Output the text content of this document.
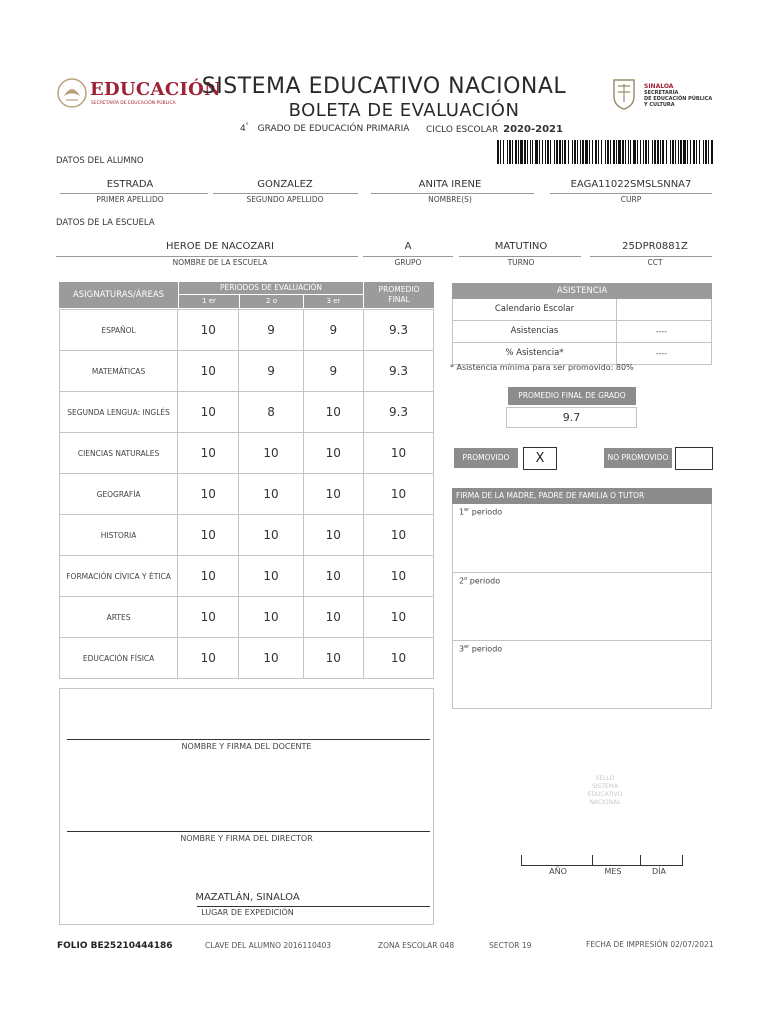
EDUCACIÓN
SECRETARÍA DE EDUCACIÓN PÚBLICA
SISTEMA EDUCATIVO NACIONAL
BOLETA DE EVALUACIÓN
4° GRADO DE EDUCACIÓN PRIMARIA CICLO ESCOLAR 2020-2021
SINALOA
SECRETARÍA
DE EDUCACIÓN PÚBLICA
Y CULTURA
DATOS DEL ALUMNO
ESTRADA	GONZALEZ	ANITA IRENE	EAGA11022SMSLSNNA7
PRIMER APELLIDO	SEGUNDO APELLIDO	NOMBRE(S)	CURP
DATOS DE LA ESCUELA
HEROE DE NACOZARI	A	MATUTINO	25DPR0881Z
NOMBRE DE LA ESCUELA	GRUPO	TURNO	CCT
ASIGNATURAS/ÁREAS
PERIODOS DE EVALUACIÓN
1 er	2 o	3 er
PROMEDIO FINAL
ESPAÑOL	10	9	9	9.3
MATEMÁTICAS	10	9	9	9.3
SEGUNDA LENGUA: INGLÉS	10	8	10	9.3
CIENCIAS NATURALES	10	10	10	10
GEOGRAFÍA	10	10	10	10
HISTORIA	10	10	10	10
FORMACIÓN CÍVICA Y ÉTICA	10	10	10	10
ARTES	10	10	10	10
EDUCACIÓN FÍSICA	10	10	10	10
ASISTENCIA
Calendario Escolar
Asistencias	----
% Asistencia*	----
* Asistencia mínima para ser promovido: 80%
PROMEDIO FINAL DE GRADO
9.7
PROMOVIDO	X	NO PROMOVIDO
FIRMA DE LA MADRE, PADRE DE FAMILIA O TUTOR
1er periodo
2$^o$ periodo
3er periodo
NOMBRE Y FIRMA DEL DOCENTE
NOMBRE Y FIRMA DEL DIRECTOR
MAZATLÁN, SINALOA
LUGAR DE EXPEDICIÓN
SELLO
SISTEMA
EDUCATIVO
NACIONAL
AÑO	MES	DÍA
FOLIO BE25210444186	CLAVE DEL ALUMNO 2016110403	ZONA ESCOLAR 048	SECTOR 19	FECHA DE IMPRESIÓN 02/07/2021
